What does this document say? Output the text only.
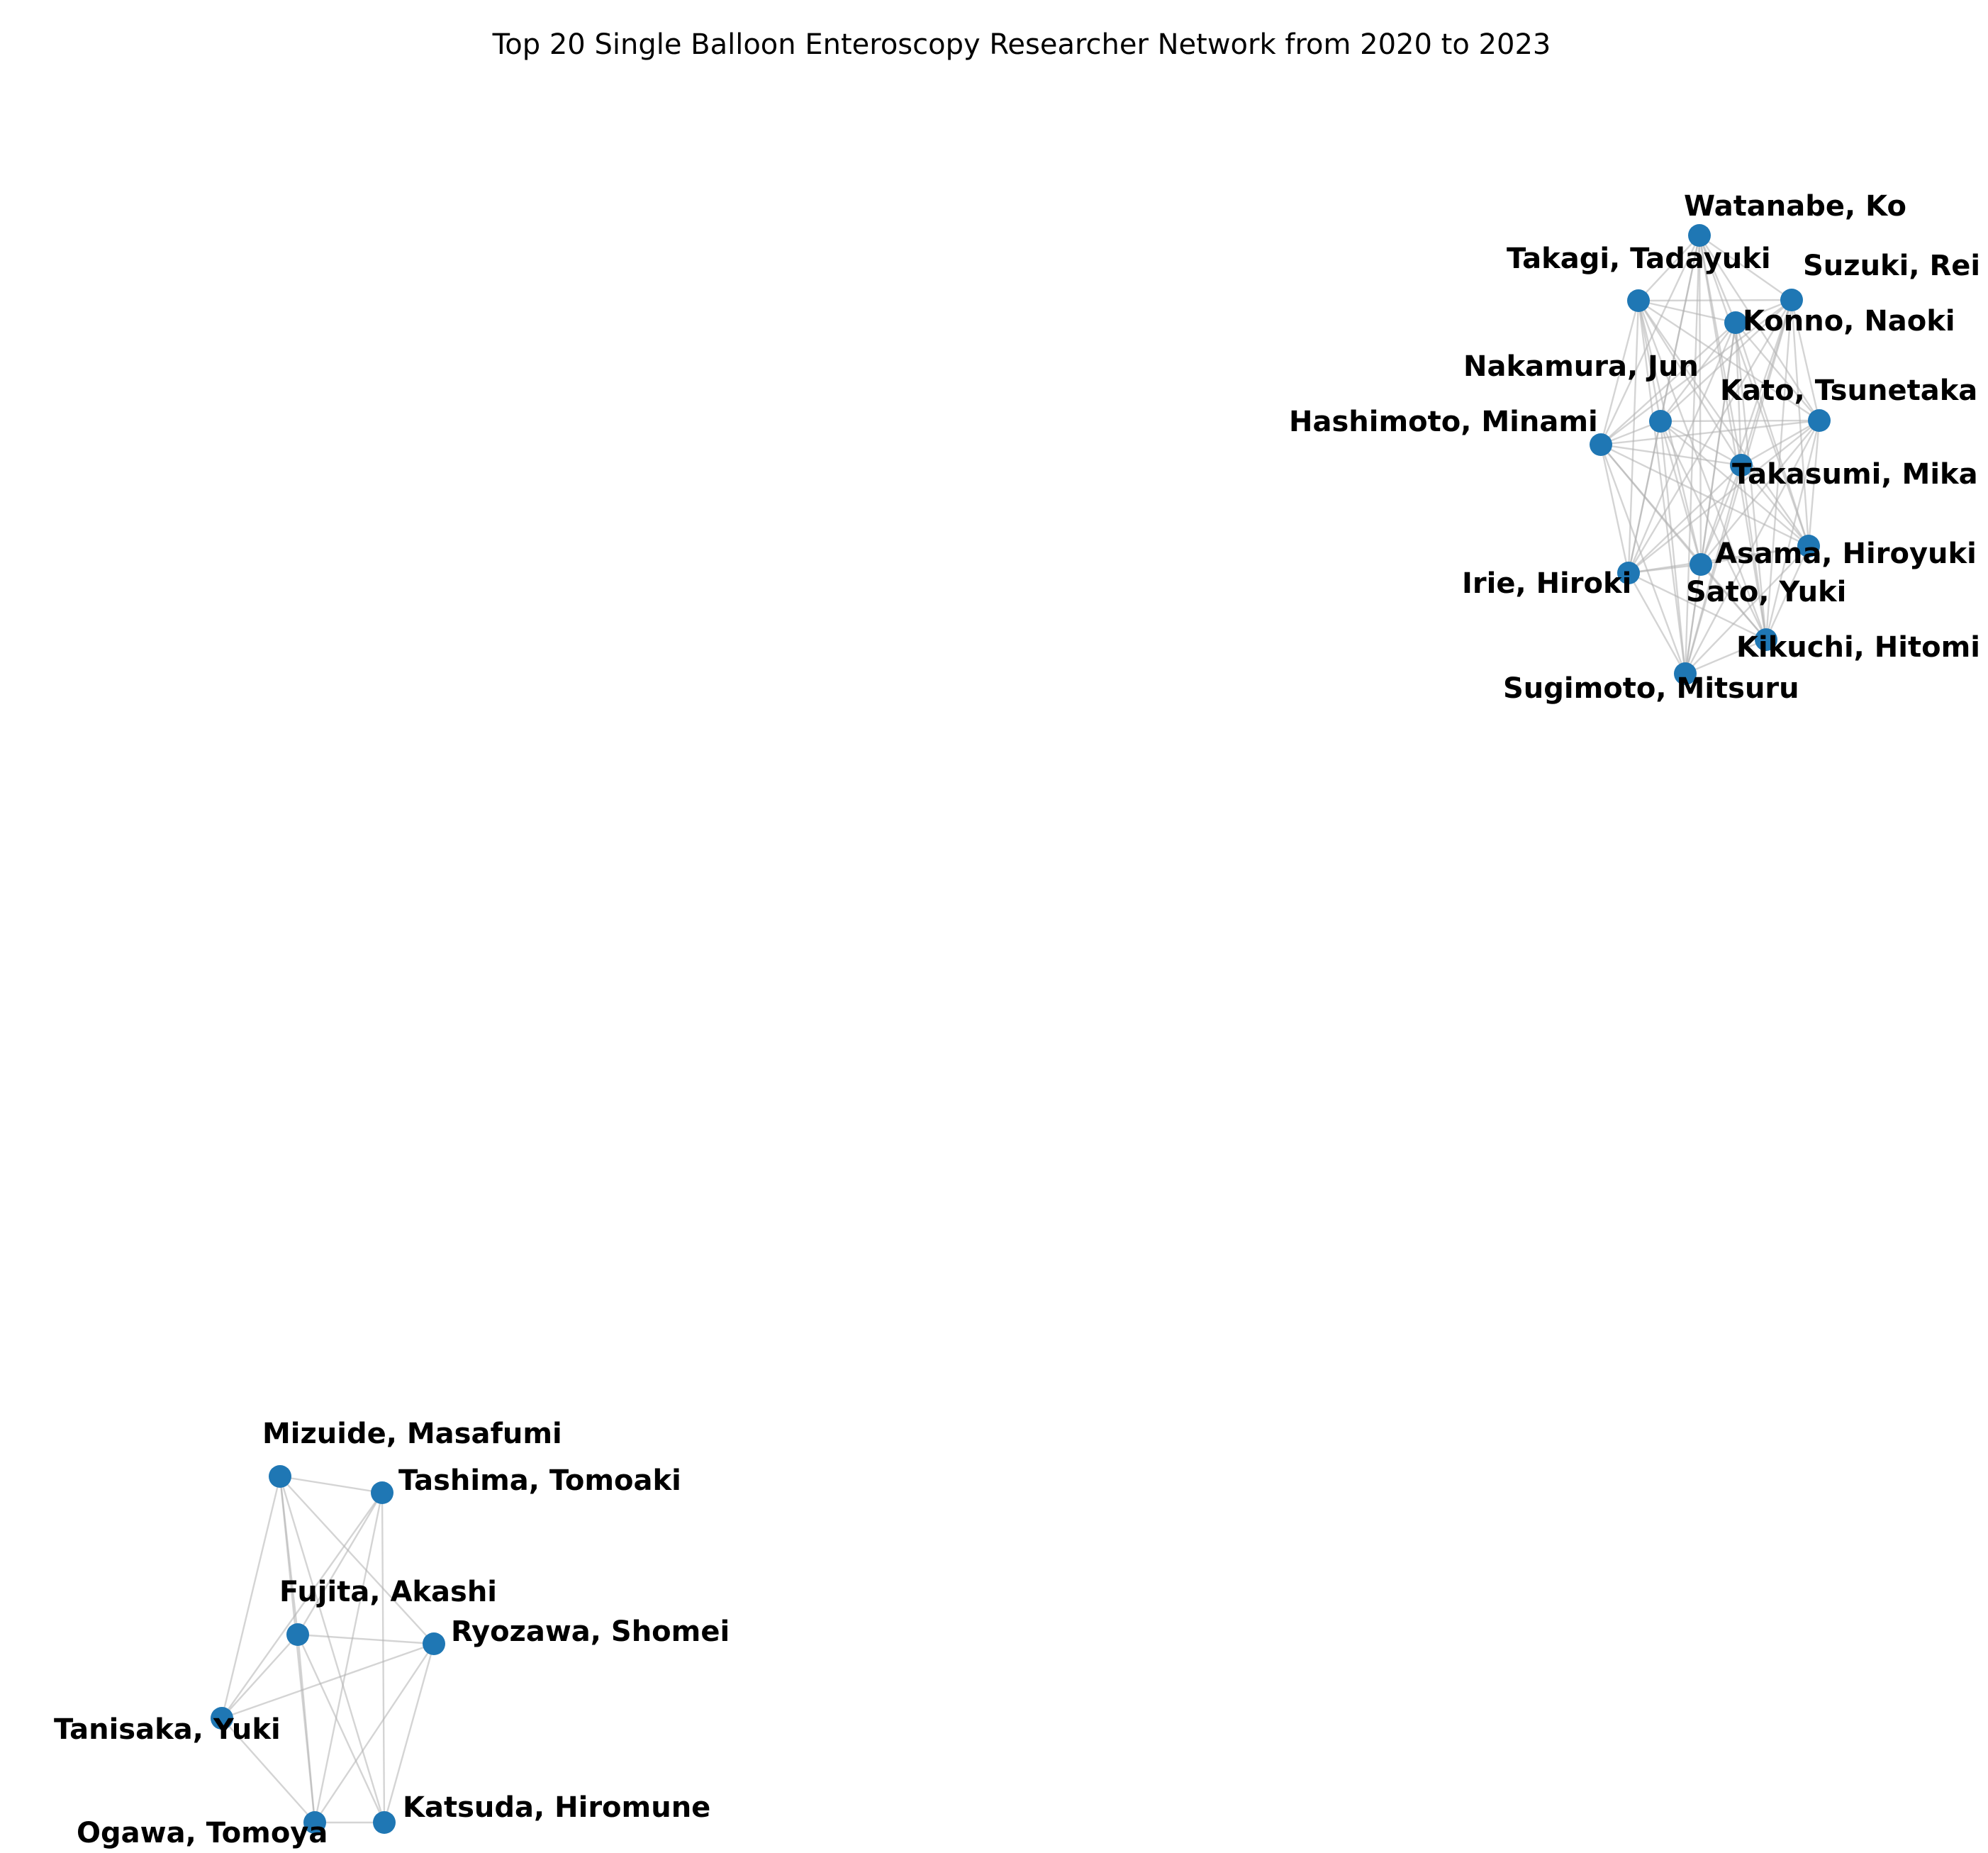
Top 20 Single Balloon Enteroscopy Researcher Network from 2020 to 2023
Watanabe, Ko
Takagi, Tadayuki Suzuki, Rei
Konno, Naoki
Nakamura, Jun
Kato, Tsunetaka
Hashimoto, Minami
Takasumi, Mika
Asama, Hiroyuki
Irie, Hiroki Sato, Yuki
Kikuchi, Hitomi
Sugimoto, Mitsuru
Mizuide, Masafumi
Tashima, Tomoaki
Fujita, Akashi
Ryozawa, Shomei
Tanisaka, Yuki
Ogawa, Tomoya
Katsuda, Hiromune
